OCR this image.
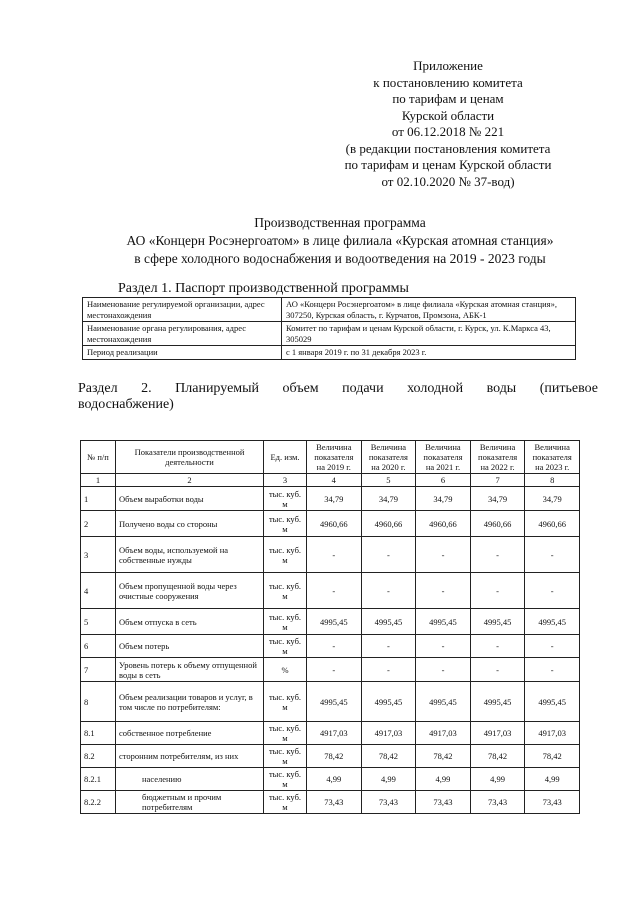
Приложение
к постановлению комитета
по тарифам и ценам
Курской области
от 06.12.2018 № 221
(в редакции постановления комитета
по тарифам и ценам Курской области
от 02.10.2020 № 37-вод)
Производственная программа
АО «Концерн Росэнергоатом» в лице филиала «Курская атомная станция»
в сфере холодного водоснабжения и водоотведения на 2019 - 2023 годы
Раздел 1. Паспорт производственной программы
Наименование регулируемой организации, адрес местонахождения	АО «Концерн Росэнергоатом» в лице филиала «Курская атомная станция», 307250, Курская область, г. Курчатов, Промзона, АБК-1
Наименование органа регулирования, адрес местонахождения	Комитет по тарифам и ценам Курской области, г. Курск, ул. К.Маркса 43, 305029
Период реализации	с 1 января 2019 г. по 31 декабря 2023 г.
Раздел 2. Планируемый объем подачи холодной воды (питьевое
водоснабжение)
№ п/п	Показатели производственной деятельности	Ед. изм.	Величина показателя на 2019 г.	Величина показателя на 2020 г.	Величина показателя на 2021 г.	Величина показателя на 2022 г.	Величина показателя на 2023 г.
1	2	3	4	5	6	7	8
1	Объем выработки воды	тыс. куб. м	34,79	34,79	34,79	34,79	34,79
2	Получено воды со стороны	тыс. куб. м	4960,66	4960,66	4960,66	4960,66	4960,66
3	Объем воды, используемой на собственные нужды	тыс. куб. м	-	-	-	-	-
4	Объем пропущенной воды через очистные сооружения	тыс. куб. м	-	-	-	-	-
5	Объем отпуска в сеть	тыс. куб. м	4995,45	4995,45	4995,45	4995,45	4995,45
6	Объем потерь	тыс. куб. м	-	-	-	-	-
7	Уровень потерь к объему отпущенной воды в сеть	%	-	-	-	-	-
8	Объем реализации товаров и услуг, в том числе по потребителям:	тыс. куб. м	4995,45	4995,45	4995,45	4995,45	4995,45
8.1	собственное потребление	тыс. куб. м	4917,03	4917,03	4917,03	4917,03	4917,03
8.2	сторонним потребителям, из них	тыс. куб. м	78,42	78,42	78,42	78,42	78,42
8.2.1	населению	тыс. куб. м	4,99	4,99	4,99	4,99	4,99
8.2.2	бюджетным и прочим потребителям	тыс. куб. м	73,43	73,43	73,43	73,43	73,43
